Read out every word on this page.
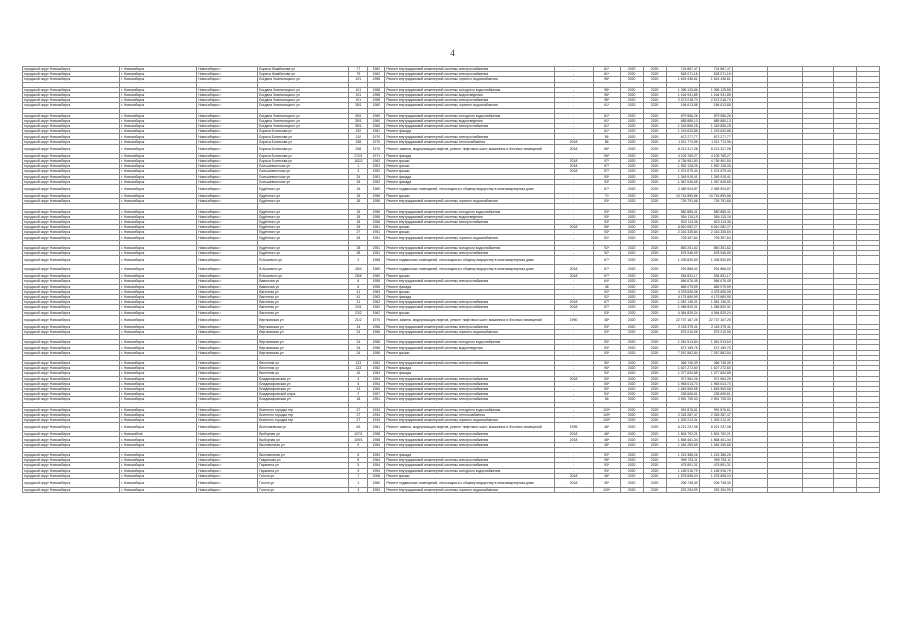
4
городской округ Новосибирск	г. Новосибирск	Новосибирск г	Бориса Жамбилова ул	77	1962	Ремонт внутридомовой инженерной системы электроснабжения	-	61*	2020	2020	724 867,47	724 867,47					
городской округ Новосибирск	г. Новосибирск	Новосибирск г	Бориса Жамбилова ул	79	1962	Ремонт внутридомовой инженерной системы электроснабжения	-	61*	2020	2020	628 071,16	628 071,16					
городской округ Новосибирск	г. Новосибирск	Новосибирск г	Богдана Хмельницкого ул	101	1958	Ремонт внутридомовой инженерной системы горячего водоснабжения	-	98*	2020	2020	1 615 436,61	1 615 436,61					

городской округ Новосибирск	г. Новосибирск	Новосибирск г	Богдана Хмельницкого ул	101	1958	Ремонт внутридомовой инженерной системы холодного водоснабжения	-	98*	2020	2020	1 396 125,86	1 396 125,86					
городской округ Новосибирск	г. Новосибирск	Новосибирск г	Богдана Хмельницкого ул	101	1958	Ремонт внутридомовой инженерной системы водоотведения	-	98*	2020	2020	1 164 931,85	1 164 931,85					
городской округ Новосибирск	г. Новосибирск	Новосибирск г	Богдана Хмельницкого ул	101	1958	Ремонт внутридомовой инженерной системы электроснабжения	-	98*	2020	2020	2 573 018,70	2 573 018,70					
городской округ Новосибирск	г. Новосибирск	Новосибирск г	Богдана Хмельницкого ул	35/1	1960	Ремонт внутридомовой инженерной системы горячего водоснабжения	-	61*	2020	2020	156 613,88	156 613,88					

городской округ Новосибирск	г. Новосибирск	Новосибирск г	Богдана Хмельницкого ул	35/1	1960	Ремонт внутридомовой инженерной системы холодного водоснабжения	-	61*	2020	2020	879 966,26	879 966,26					
городской округ Новосибирск	г. Новосибирск	Новосибирск г	Богдана Хмельницкого ул	35/1	1960	Ремонт внутридомовой инженерной системы водоотведения	-	61*	2020	2020	685 885,13	685 885,13					
городской округ Новосибирск	г. Новосибирск	Новосибирск г	Богдана Хмельницкого ул	35/1	1960	Ремонт внутридомовой инженерной системы электроснабжения	-	61*	2020	2020	1 318 856,28	1 318 856,28					
городской округ Новосибирск	г. Новосибирск	Новосибирск г	Бориса Богаткова ул	192	1961	Ремонт фасада	-	61*	2020	2020	1 215 633,86	1 215 633,86					
городской округ Новосибирск	г. Новосибирск	Новосибирск г	Бориса Богаткова ул	210	1970	Ремонт внутридомовой инженерной системы электроснабжения	-	56	2020	2020	672 277,77	672 277,77					
городской округ Новосибирск	г. Новосибирск	Новосибирск г	Бориса Богаткова ул	198	1970	Ремонт внутридомовой инженерной системы теплоснабжения	2018	56	2020	2020	1 011 774,96	1 011 774,96					
городской округ Новосибирск	г. Новосибирск	Новосибирск г	Бориса Богаткова ул	208	1970	Ремонт, замена, модернизация лифтов, ремонт лифтовых шахт, машинных и блочных помещений	2018	56*	2020	2020	8 213 317,28	8 213 317,28					
городской округ Новосибирск	г. Новосибирск	Новосибирск г	Бориса Богаткова ул	172/1	1971	Ремонт фасада	-	96*	2020	2020	4 109 769,27	4 109 769,27					
городской округ Новосибирск	г. Новосибирск	Новосибирск г	Бориса Богаткова ул	162/2	1962	Ремонт крыши	2018	97*	2020	2020	4 736 961,50	4 736 961,50					
городской округ Новосибирск	г. Новосибирск	Новосибирск г	Большевистская ул	1	1951	Ремонт крыши	2018	97*	2020	2020	1 952 128,26	1 952 128,26					
городской округ Новосибирск	г. Новосибирск	Новосибирск г	Большевистская ул	3	1952	Ремонт крыши	2018	97*	2020	2020	1 374 679,44	1 374 679,44					
городской округ Новосибирск	г. Новосибирск	Новосибирск г	Большевистская ул	24	1951	Ремонт фасада	-	93*	2020	2020	1 349 915,41	1 349 915,41					
городской округ Новосибирск	г. Новосибирск	Новосибирск г	Большевистская ул	26	1952	Ремонт фасада	-	93*	2020	2020	1 367 645,65	1 367 645,65					
городской округ Новосибирск	г. Новосибирск	Новосибирск г	Будённого ул	15	1960	Ремонт подвальных помещений, относящихся к общему имуществу в многоквартирном доме	-	67*	2020	2020	2 389 924,87	2 389 924,87					
городской округ Новосибирск	г. Новосибирск	Новосибирск г	Будённого ул	18	1956	Ремонт крыши	-	70	2020	2020	10 716 899,86	10 716 899,86					
городской округ Новосибирск	г. Новосибирск	Новосибирск г	Будённого ул	18	1956	Ремонт внутридомовой инженерной системы горячего водоснабжения	-	93*	2020	2020	726 791,66	726 791,66					

городской округ Новосибирск	г. Новосибирск	Новосибирск г	Будённого ул	18	1956	Ремонт внутридомовой инженерной системы холодного водоснабжения	-	93*	2020	2020	580 885,41	580 885,41					
городской округ Новосибирск	г. Новосибирск	Новосибирск г	Будённого ул	18	1956	Ремонт внутридомовой инженерной системы водоотведения	-	93*	2020	2020	554 115,19	554 115,19					
городской округ Новосибирск	г. Новосибирск	Новосибирск г	Будённого ул	18	1956	Ремонт внутридомовой инженерной системы электроснабжения	-	93*	2020	2020	823 113,36	823 113,36					
городской округ Новосибирск	г. Новосибирск	Новосибирск г	Будённого ул	26	1951	Ремонт крыши	2018	98*	2020	2020	6 810 082,27	6 810 082,27					
городской округ Новосибирск	г. Новосибирск	Новосибирск г	Будённого ул	27	1951	Ремонт крыши	-	93*	2020	2020	2 316 335,84	2 316 335,84					
городской округ Новосибирск	г. Новосибирск	Новосибирск г	Будённого ул	28	1951	Ремонт внутридомовой инженерной системы горячего водоснабжения	-	92*	2020	2020	709 397,64	709 397,64					

городской округ Новосибирск	г. Новосибирск	Новосибирск г	Будённого ул	28	1951	Ремонт внутридомовой инженерной системы холодного водоснабжения	-	92*	2020	2020	860 261,62	860 261,62					
городской округ Новосибирск	г. Новосибирск	Новосибирск г	Будённого ул	28	1951	Ремонт внутридомовой инженерной системы электроснабжения	-	92*	2020	2020	578 946,09	578 946,09					
городской округ Новосибирск	г. Новосибирск	Новосибирск г	В.Кошевого ул	2	1958	Ремонт подвальных помещений, относящихся к общему имуществу в многоквартирном доме	-	67*	2020	2020	1 435 830,89	1 435 830,89					
городской округ Новосибирск	г. Новосибирск	Новосибирск г	В.Кошевого ул	28/4	1960	Ремонт подвальных помещений, относящихся к общему имуществу в многоквартирном доме	2018	67*	2020	2020	291 866,02	291 866,02					
городской округ Новосибирск	г. Новосибирск	Новосибирск г	В.Кошевого ул	28/5	1960	Ремонт крыши	2018	67*	2020	2020	254 831,17	254 831,17					
городской округ Новосибирск	г. Новосибирск	Новосибирск г	Вавилова ул	6	1955	Ремонт внутридомовой инженерной системы электроснабжения	-	64*	2020	2020	566 676,45	566 676,45					
городской округ Новосибирск	г. Новосибирск	Новосибирск г	Вавилова ул	6	1955	Ремонт фасада	-	48	2020	2020	865 079,59	865 079,59					
городской округ Новосибирск	г. Новосибирск	Новосибирск г	Вагонная ул	41	1963	Ремонт крыши	-	92*	2020	2020	4 378 606,08	4 378 606,08					
городской округ Новосибирск	г. Новосибирск	Новосибирск г	Вагонная ул	41	1963	Ремонт фасада	-	92*	2020	2020	4 175 869,99	4 175 869,99					
городской округ Новосибирск	г. Новосибирск	Новосибирск г	Вагонная ул	21	1962	Ремонт внутридомовой инженерной системы электроснабжения	2018	67*	2020	2020	1 081 136,31	1 081 136,31					
городской округ Новосибирск	г. Новосибирск	Новосибирск г	Вагонная ул	23/1	1962	Ремонт внутридомовой инженерной системы электроснабжения	2018	67*	2020	2020	1 086 820,31	1 086 820,31					
городской округ Новосибирск	г. Новосибирск	Новосибирск г	Вагонная ул	23/2	1962	Ремонт крыши	-	93*	2020	2020	4 364 829,24	4 364 829,24					
городской округ Новосибирск	г. Новосибирск	Новосибирск г	Вертковская ул	21/2	1970	Ремонт, замена, модернизация лифтов, ремонт лифтовых шахт, машинных и блочных помещений	1990	48*	2020	2020	22 737 167,25	22 737 167,25					
городской округ Новосибирск	г. Новосибирск	Новосибирск г	Вертковская ул	24	1956	Ремонт внутридомовой инженерной системы электроснабжения	-	93*	2020	2020	2 118 375,41	2 118 375,41					
городской округ Новосибирск	г. Новосибирск	Новосибирск г	Вертковская ул	24	1956	Ремонт внутридомовой инженерной системы горячего водоснабжения	-	93*	2020	2020	575 210,96	575 210,96					

городской округ Новосибирск	г. Новосибирск	Новосибирск г	Вертковская ул	24	1956	Ремонт внутридомовой инженерной системы холодного водоснабжения	-	93*	2020	2020	1 061 513,84	1 061 513,84					
городской округ Новосибирск	г. Новосибирск	Новосибирск г	Вертковская ул	24	1956	Ремонт внутридомовой инженерной системы водоотведения	-	93*	2020	2020	672 159,75	672 159,75					
городской округ Новосибирск	г. Новосибирск	Новосибирск г	Вертковская ул	24	1956	Ремонт крыши	-	93*	2020	2020	7 267 862,84	7 267 862,84					

городской округ Новосибирск	г. Новосибирск	Новосибирск г	Весенняя ул	123	1952	Ремонт внутридомовой инженерной системы электроснабжения	-	96*	2020	2020	366 745,39	366 745,39					
городской округ Новосибирск	г. Новосибирск	Новосибирск г	Весенняя ул	123	1952	Ремонт фасада	-	96*	2020	2020	1 627 272,60	1 627 272,60					
городской округ Новосибирск	г. Новосибирск	Новосибирск г	Весенняя ул	16	1954	Ремонт фасада	-	93*	2020	2020	1 377 600,85	1 377 600,85					
городской округ Новосибирск	г. Новосибирск	Новосибирск г	Владимировская ул	4	1954	Ремонт внутридомовой инженерной системы электроснабжения	2018	93*	2020	2020	371 964,26	371 964,26					
городской округ Новосибирск	г. Новосибирск	Новосибирск г	Владимировская ул	6	1954	Ремонт внутридомовой инженерной системы электроснабжения	-	65*	2020	2020	1 965 613,70	1 965 613,70					
городской округ Новосибирск	г. Новосибирск	Новосибирск г	Владимировская ул	13	1960	Ремонт внутридомовой инженерной системы электроснабжения	-	90*	2020	2020	1 845 569,58	1 845 569,58					
городской округ Новосибирск	г. Новосибирск	Новосибирск г	Владимировский спуск	2	1957	Ремонт внутридомовой инженерной системы электроснабжения	-	94*	2020	2020	235 606,61	235 606,61					
городской округ Новосибирск	г. Новосибирск	Новосибирск г	Владимировская ул	18	1951	Ремонт внутридомовой инженерной системы электроснабжения	-	66	2020	2020	2 951 795,33	2 951 795,33					

городской округ Новосибирск	г. Новосибирск	Новосибирск г	Военного городка тер	27	1934	Ремонт внутридомовой инженерной системы холодного водоснабжения	-	100*	2020	2020	991 876,61	991 876,61					
городской округ Новосибирск	г. Новосибирск	Новосибирск г	Военного городка тер	27	1934	Ремонт внутридомовой инженерной системы теплоснабжения	-	100*	2020	2020	2 318 287,47	2 318 287,47					
городской округ Новосибирск	г. Новосибирск	Новосибирск г	Военного городка тер	27	1934	Ремонт внутридомовой инженерной системы горячего водоснабжения	-	100*	2020	2020	1 303 212,41	1 303 212,41					
городской округ Новосибирск	г. Новосибирск	Новосибирск г	Волочаевская ул	4/1	1961	Ремонт, замена, модернизация лифтов, ремонт лифтовых шахт, машинных и блочных помещений	1995	48*	2020	2020	6 221 237,08	6 221 237,08					
городской округ Новосибирск	г. Новосибirsk	Новосибирск г	Выборная ул	107/1	1958	Ремонт внутридомовой инженерной системы электроснабжения	2018	48*	2020	2020	1 804 792,21	1 804 792,21					
городской округ Новосибирск	г. Новосибирск	Новосибирск г	Выборная ул	109/1	1958	Ремонт внутридомовой инженерной системы электроснабжения	2018	48*	2020	2020	1 868 461,34	1 868 461,34					
городской округ Новосибирск	г. Новосибирск	Новосибирск г	Выставочная ул	6	1954	Ремонт внутридомовой инженерной системы электроснабжения	-	48*	2020	2020	1 464 269,65	1 464 269,65					

городской округ Новосибирск	г. Новосибирск	Новосибирск г	Выставочная ул	6	1954	Ремонт фасада	-	93*	2020	2020	1 215 386,26	1 215 386,26					
городской округ Новосибирск	г. Новосибирск	Новосибирск г	Гаврилова ул	8	1964	Ремонт внутридомовой инженерной системы электроснабжения	-	98*	2020	2020	969 753,11	969 753,11					
городской округ Новосибирск	г. Новосибирск	Новосибирск г	Гаранина ул	5	1954	Ремонт внутридомовой инженерной системы электроснабжения	-	93*	2020	2020	475 891,31	475 891,31					
городской округ Новосибирск	г. Новосибирск	Новосибирск г	Гаранина ул	5	1954	Ремонт внутридомовой инженерной системы холодного водоснабжения	-	93*	2020	2020	1 165 916,79	1 165 916,79					
городской округ Новосибирск	г. Новосибирск	Новосибирск г	Гоголя ул	7	2006	Ремонт крыши	2018	48*	2020	2020	1 578 898,03	1 578 898,03					
городской округ Новосибирск	г. Новосибирск	Новосибирск г	Гоголя ул	1	1960	Ремонт подвальных помещений, относящихся к общему имуществу в многоквартирном доме	2018	49*	2020	2020	206 738,30	206 738,30					
городской округ Новосибирск	г. Новосибирск	Новосибирск г	Гоголя ул	3	1953	Ремонт внутридомовой инженерной системы горячего водоснабжения	-	100*	2020	2020	292 254,99	292 254,99					
